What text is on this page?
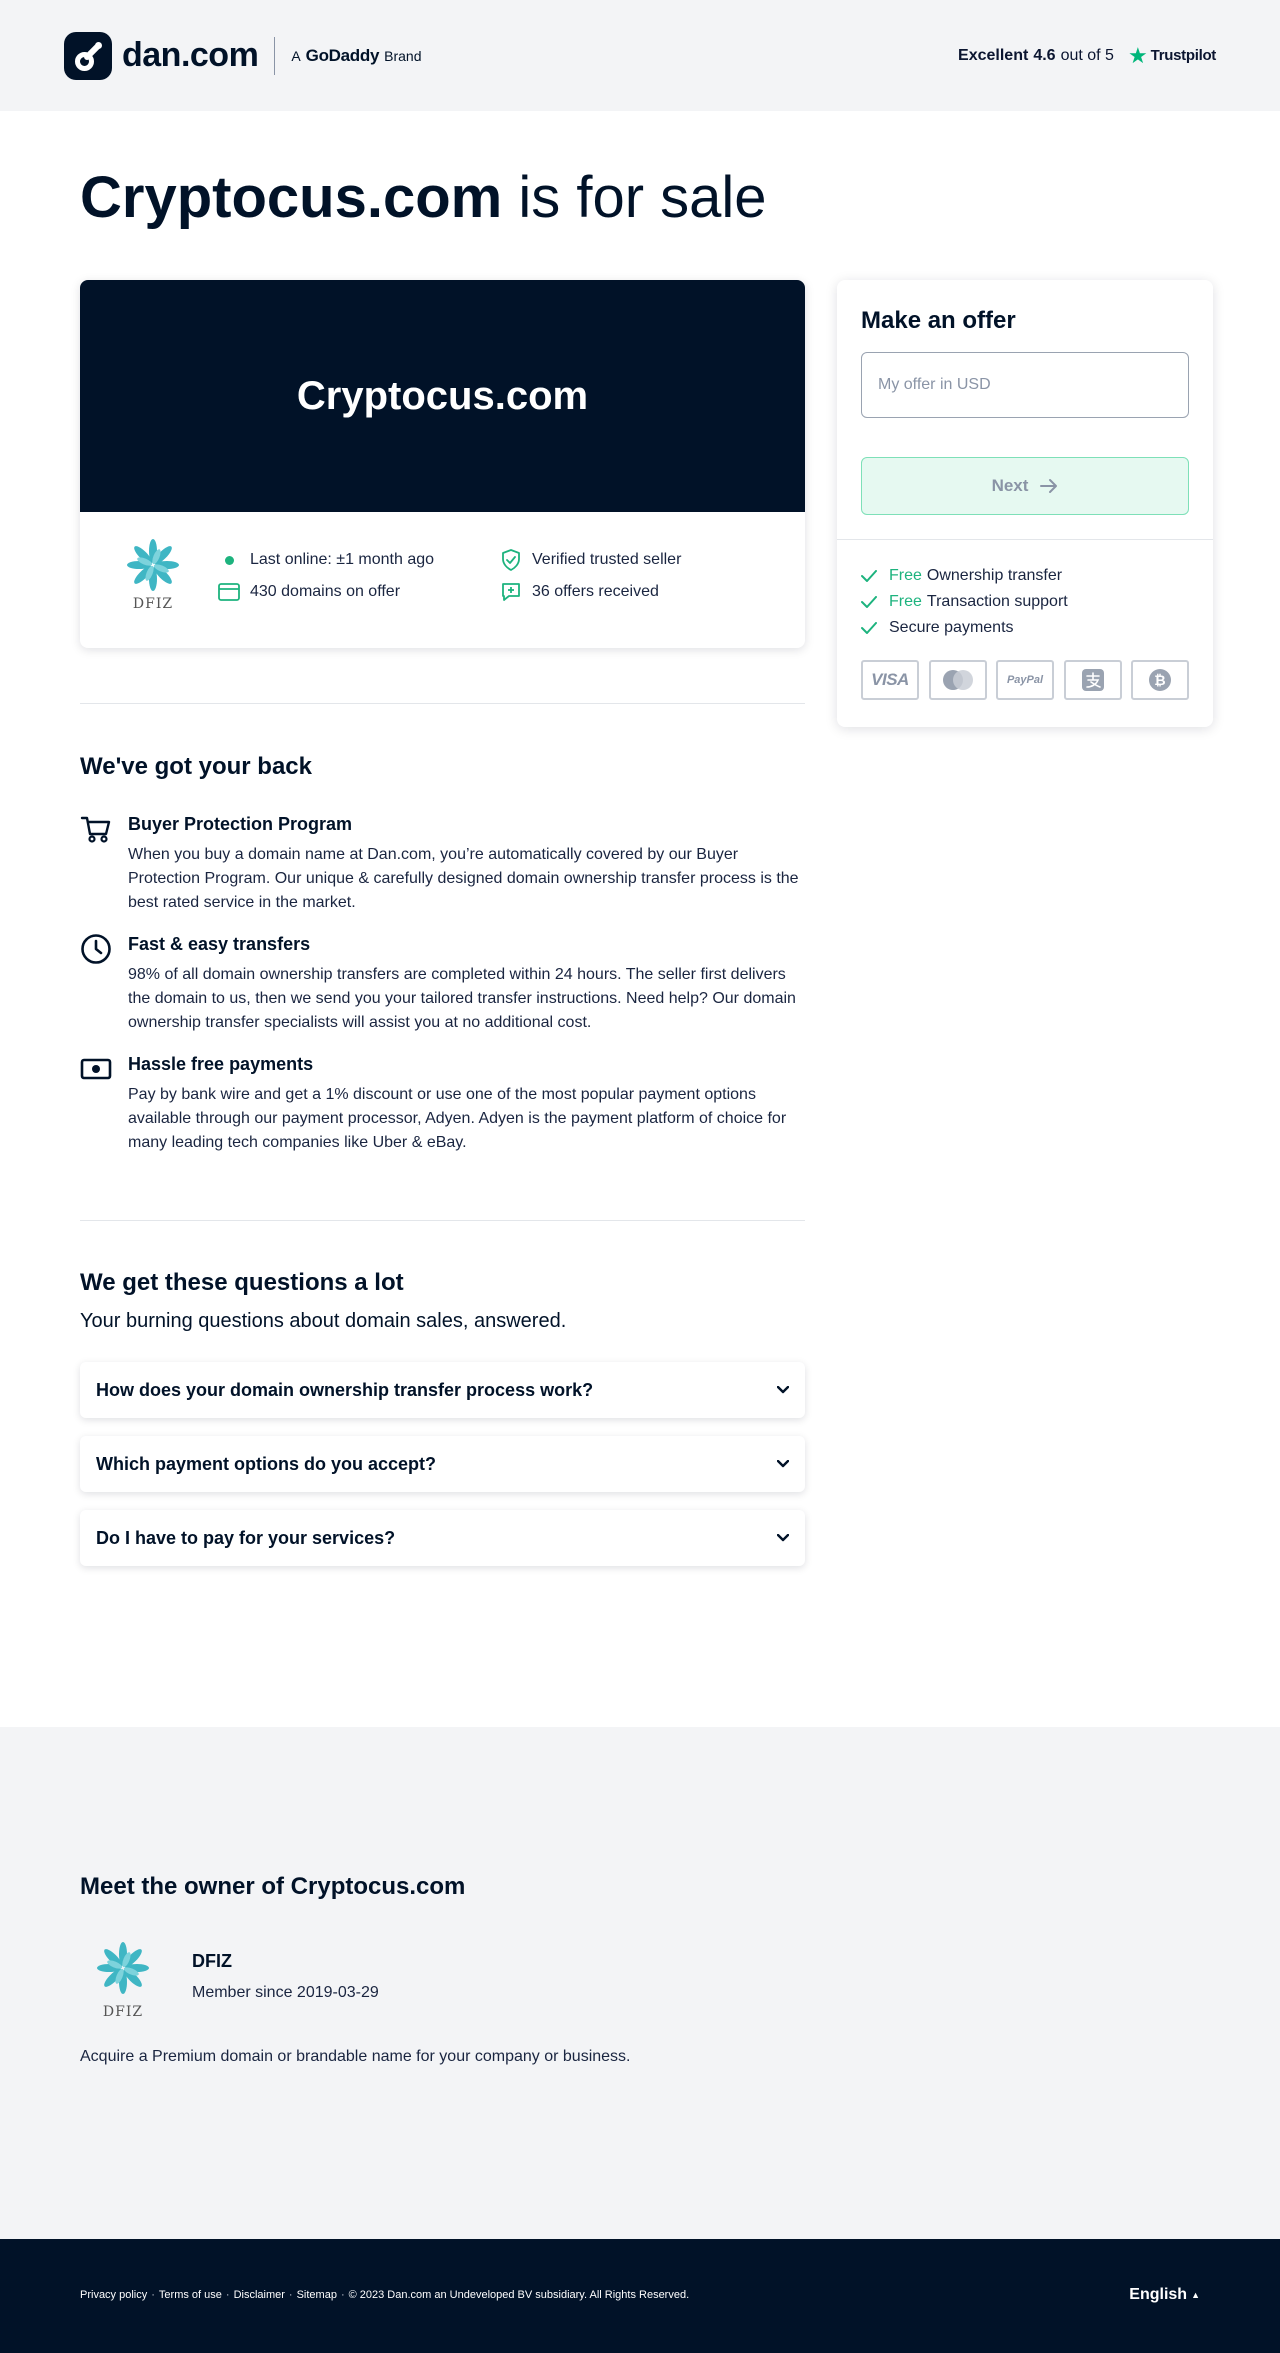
dan.com A GoDaddy Brand	Excellent 4.6 out of 5 ★ Trustpilot
Cryptocus.com is for sale
Cryptocus.com
DFIZ
Last online: ±1 month ago
430 domains on offer
Verified trusted seller
36 offers received
Make an offer
My offer in USD
Next
Free Ownership transfer
Free Transaction support
Secure payments
VISA	PayPal	₿
We've got your back
Buyer Protection Program

When you buy a domain name at Dan.com, you’re automatically covered by our Buyer Protection Program. Our unique & carefully designed domain ownership transfer process is the best rated service in the market.

Fast & easy transfers

98% of all domain ownership transfers are completed within 24 hours. The seller first delivers the domain to us, then we send you your tailored transfer instructions. Need help? Our domain ownership transfer specialists will assist you at no additional cost.

Hassle free payments

Pay by bank wire and get a 1% discount or use one of the most popular payment options available through our payment processor, Adyen. Adyen is the payment platform of choice for many leading tech companies like Uber & eBay.

We get these questions a lot

Your burning questions about domain sales, answered.

How does your domain ownership transfer process work?
Which payment options do you accept?
Do I have to pay for your services?
Meet the owner of Cryptocus.com
DFIZ
DFIZ
Member since 2019-03-29

Acquire a Premium domain or brandable name for your company or business.

Privacy policy · Terms of use · Disclaimer · Sitemap · © 2023 Dan.com an Undeveloped BV subsidiary. All Rights Reserved.	English ▲
